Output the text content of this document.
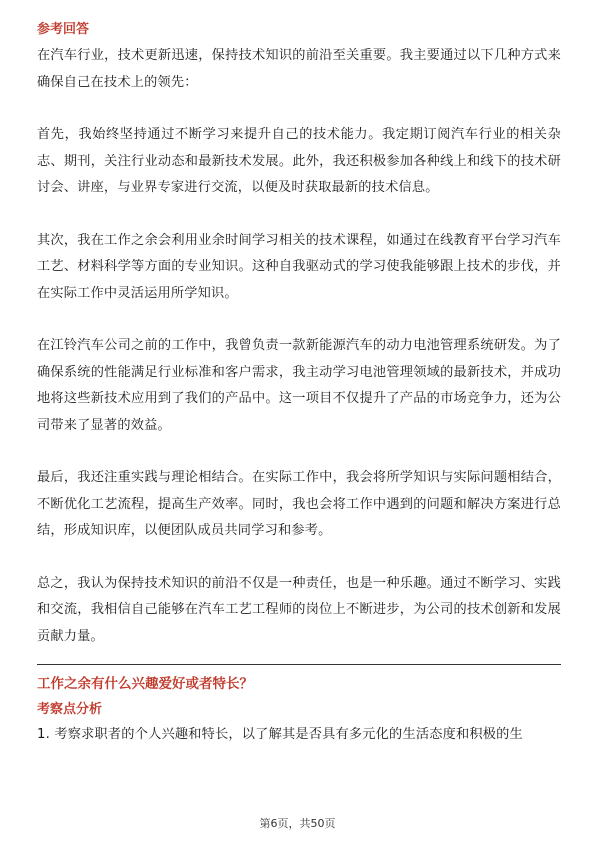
参考回答

在汽车行业，技术更新迅速，保持技术知识的前沿至关重要。我主要通过以下几种方式来确保自己在技术上的领先：

首先，我始终坚持通过不断学习来提升自己的技术能力。我定期订阅汽车行业的相关杂志、期刊，关注行业动态和最新技术发展。此外，我还积极参加各种线上和线下的技术研讨会、讲座，与业界专家进行交流，以便及时获取最新的技术信息。

其次，我在工作之余会利用业余时间学习相关的技术课程，如通过在线教育平台学习汽车工艺、材料科学等方面的专业知识。这种自我驱动式的学习使我能够跟上技术的步伐，并在实际工作中灵活运用所学知识。

在江铃汽车公司之前的工作中，我曾负责一款新能源汽车的动力电池管理系统研发。为了确保系统的性能满足行业标准和客户需求，我主动学习电池管理领域的最新技术，并成功地将这些新技术应用到了我们的产品中。这一项目不仅提升了产品的市场竞争力，还为公司带来了显著的效益。

最后，我还注重实践与理论相结合。在实际工作中，我会将所学知识与实际问题相结合，不断优化工艺流程，提高生产效率。同时，我也会将工作中遇到的问题和解决方案进行总结，形成知识库，以便团队成员共同学习和参考。

总之，我认为保持技术知识的前沿不仅是一种责任，也是一种乐趣。通过不断学习、实践和交流，我相信自己能够在汽车工艺工程师的岗位上不断进步，为公司的技术创新和发展贡献力量。

工作之余有什么兴趣爱好或者特长？
考察点分析
1. 考察求职者的个人兴趣和特长，以了解其是否具有多元化的生活态度和积极的生
第6页，共50页
